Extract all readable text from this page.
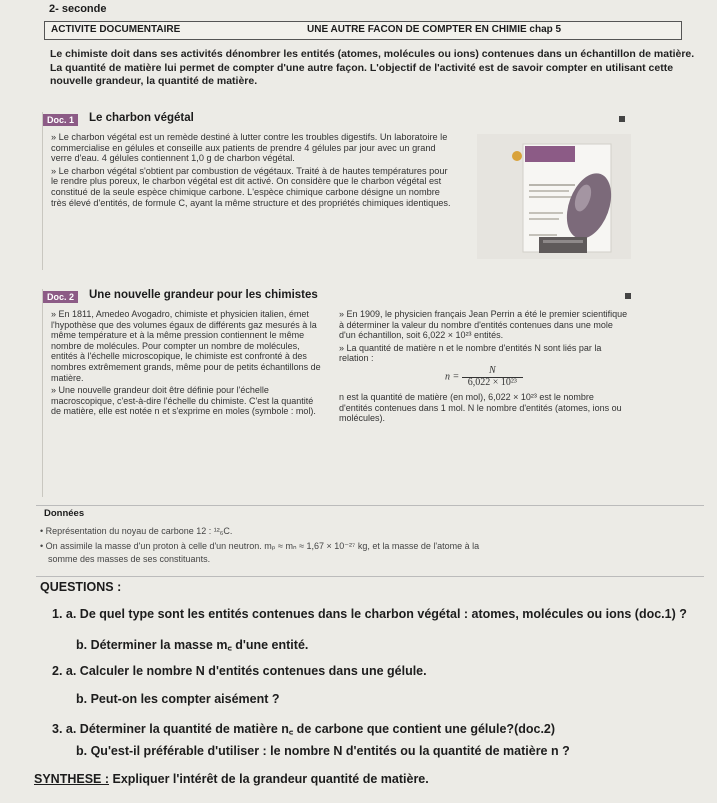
2- seconde
ACTIVITE DOCUMENTAIRE	UNE AUTRE FACON DE COMPTER EN CHIMIE chap 5
Le chimiste doit dans ses activités dénombrer les entités (atomes, molécules ou ions) contenues dans un échantillon de matière. La quantité de matière lui permet de compter d'une autre façon. L'objectif de l'activité est de savoir compter en utilisant cette nouvelle grandeur, la quantité de matière.
Doc. 1	Le charbon végétal

» Le charbon végétal est un remède destiné à lutter contre les troubles digestifs. Un laboratoire le commercialise en gélules et conseille aux patients de prendre 4 gélules par jour avec un grand verre d'eau. 4 gélules contiennent 1,0 g de charbon végétal.

» Le charbon végétal s'obtient par combustion de végétaux. Traité à de hautes températures pour le rendre plus poreux, le charbon végétal est dit activé. On considère que le charbon végétal est constitué de la seule espèce chimique carbone. L'espèce chimique carbone désigne un nombre très élevé d'entités, de formule C, ayant la même structure et des propriétés chimiques identiques.

Doc. 2	Une nouvelle grandeur pour les chimistes

» En 1811, Amedeo Avogadro, chimiste et physicien italien, émet l'hypothèse que des volumes égaux de différents gaz mesurés à la même température et à la même pression contiennent le même nombre de molécules. Pour compter un nombre de molécules, entités à l'échelle microscopique, le chimiste est confronté à des nombres extrêmement grands, même pour de petits échantillons de matière.

» Une nouvelle grandeur doit être définie pour l'échelle macroscopique, c'est-à-dire l'échelle du chimiste. C'est la quantité de matière, elle est notée n et s'exprime en moles (symbole : mol).

» En 1909, le physicien français Jean Perrin a été le premier scientifique à déterminer la valeur du nombre d'entités contenues dans une mole d'un échantillon, soit 6,022 × 10²³ entités.

» La quantité de matière n et le nombre d'entités N sont liés par la relation :

$n = \frac{N}{\text{6,022 × 10²³}}$

n est la quantité de matière (en mol), 6,022 × 10²³ est le nombre d'entités contenues dans 1 mol. N le nombre d'entités (atomes, ions ou molécules).

Données
• Représentation du noyau de carbone 12 : ¹²₆C.
• On assimile la masse d'un proton à celle d'un neutron. mₚ ≈ mₙ ≈ 1,67 × 10⁻²⁷ kg, et la masse de l'atome à la
somme des masses de ses constituants.
QUESTIONS :
1. a. De quel type sont les entités contenues dans le charbon végétal : atomes, molécules ou ions (doc.1) ?
b. Déterminer la masse m꜀ d'une entité.
2. a. Calculer le nombre N d'entités contenues dans une gélule.
b. Peut-on les compter aisément ?
3. a. Déterminer la quantité de matière n꜀ de carbone que contient une gélule?(doc.2)
b. Qu'est-il préférable d'utiliser : le nombre N d'entités ou la quantité de matière n ?
SYNTHESE : Expliquer l'intérêt de la grandeur quantité de matière.
